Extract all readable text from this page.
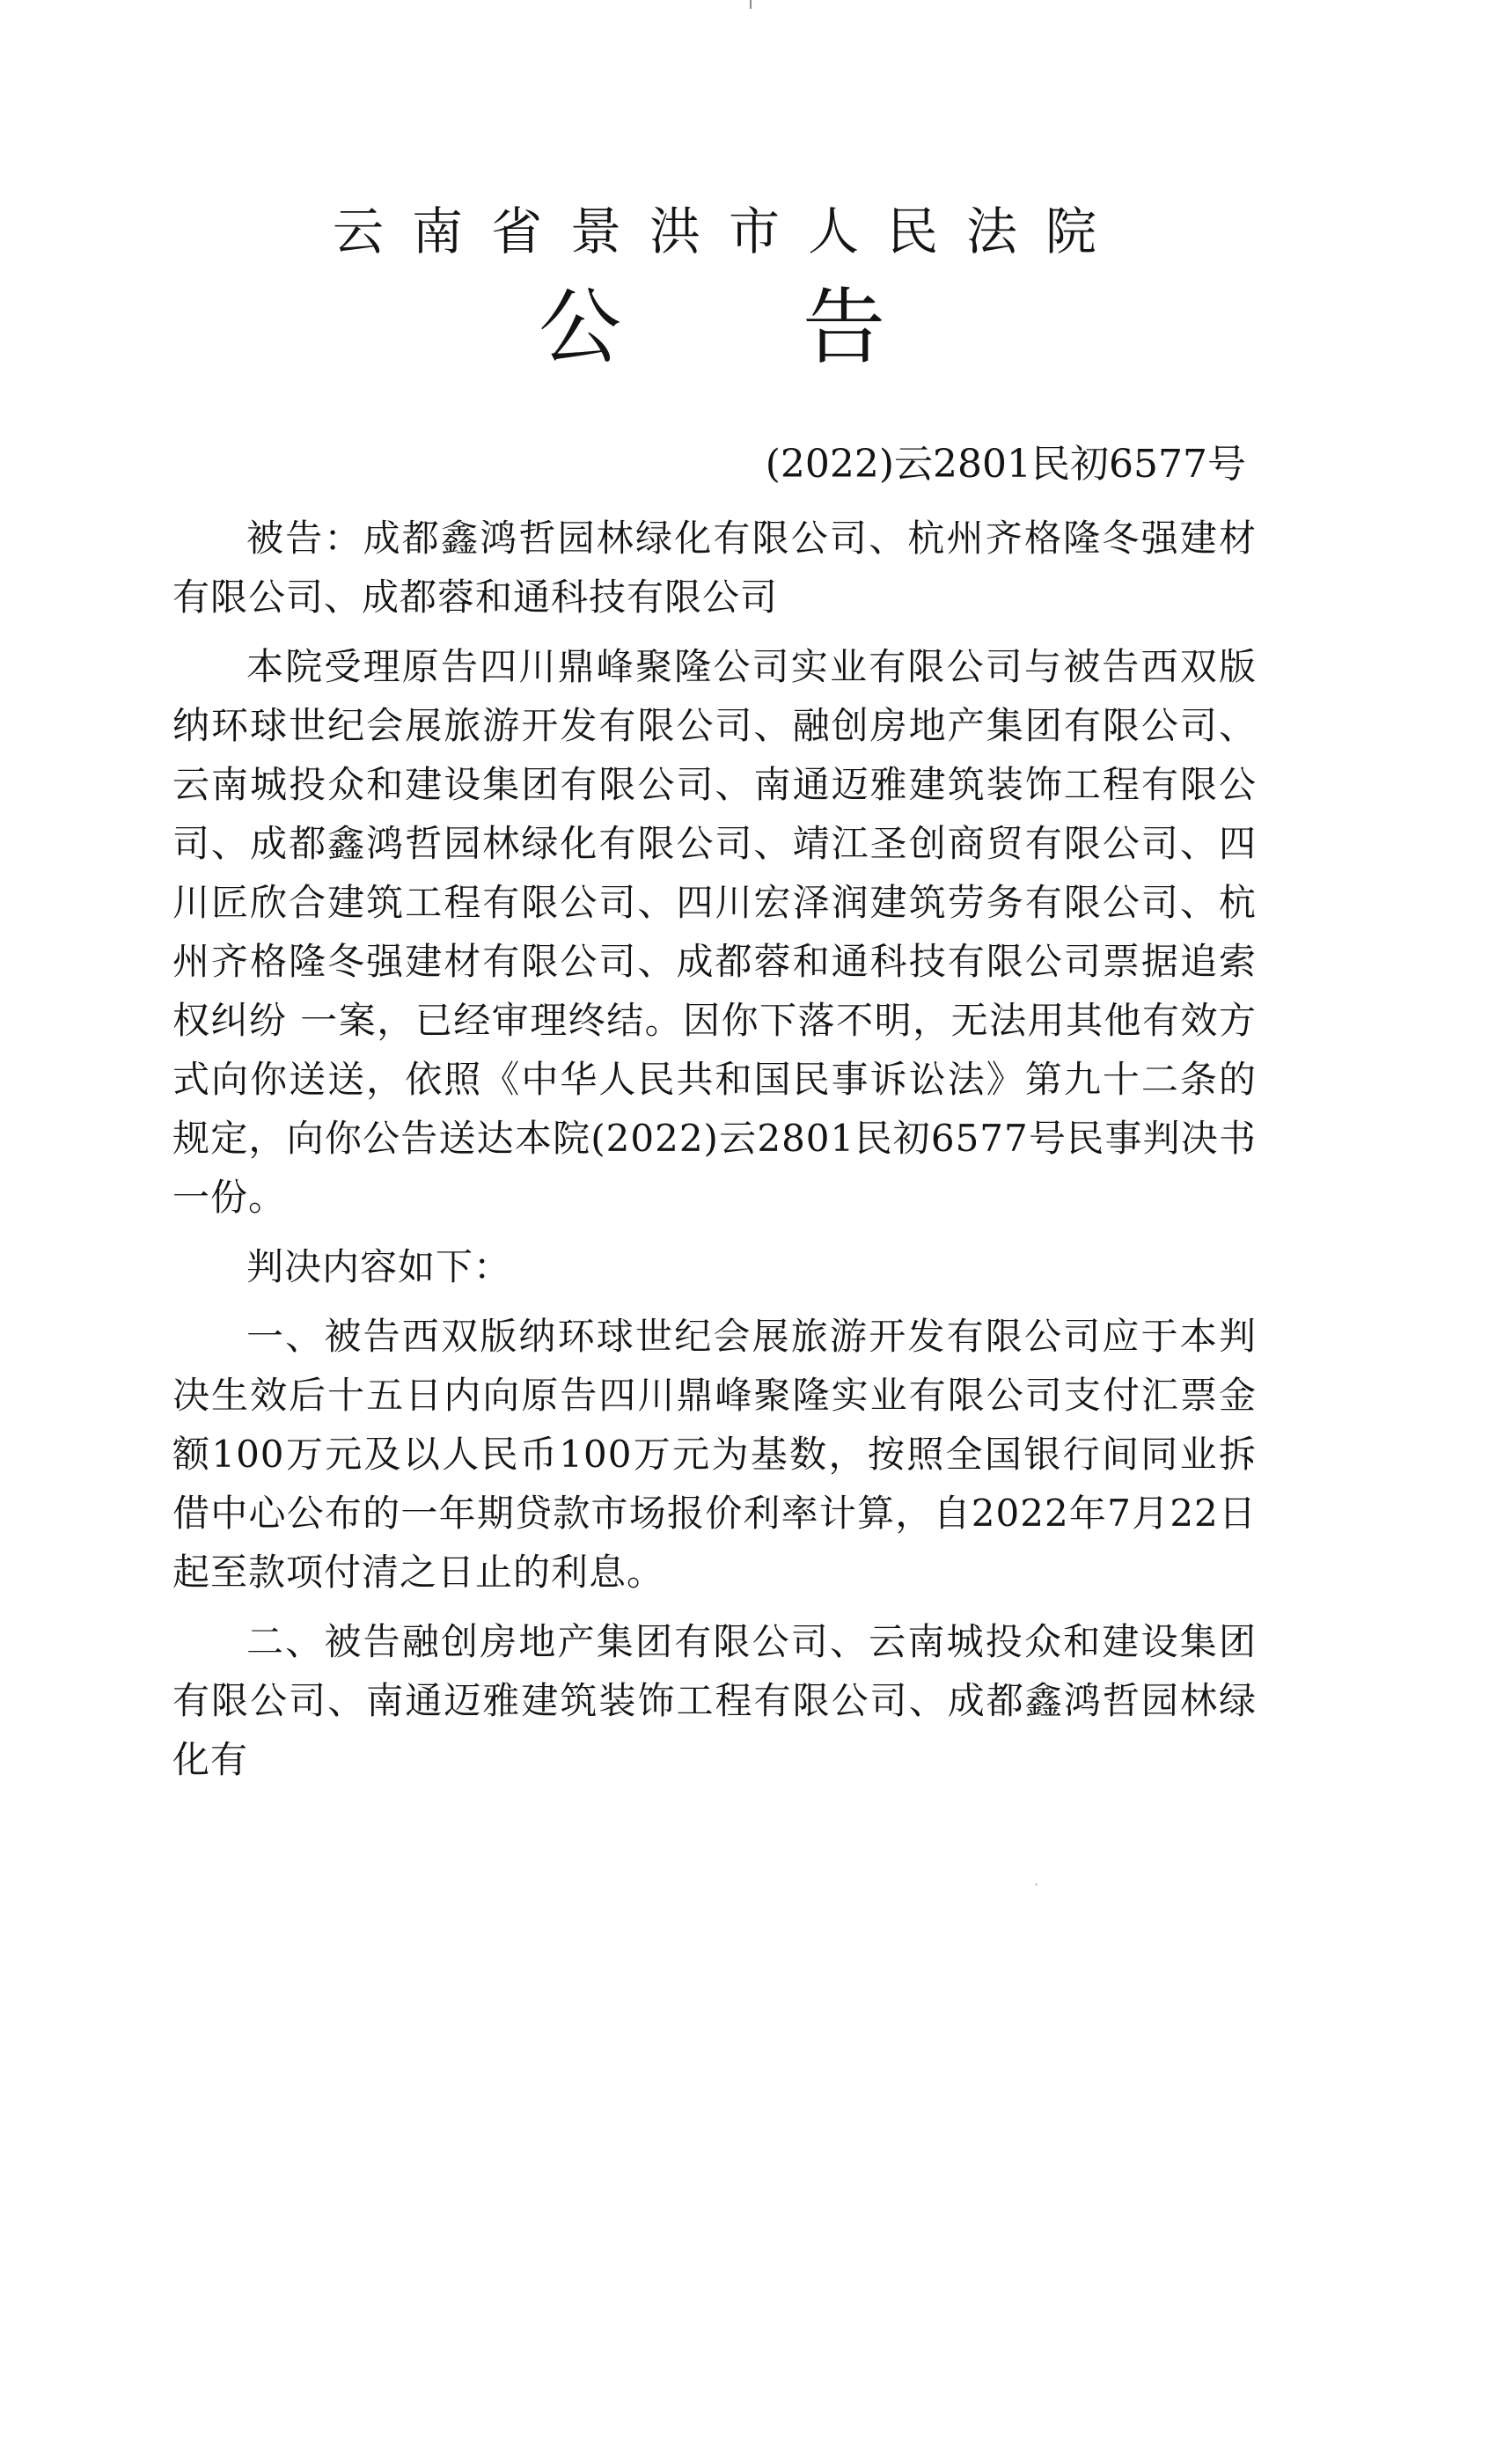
云南省景洪市人民法院
公告
(2022)云2801民初6577号

被告：成都鑫鸿哲园林绿化有限公司、杭州齐格隆冬强建材有限公司、成都蓉和通科技有限公司

本院受理原告四川鼎峰聚隆公司实业有限公司与被告西双版纳环球世纪会展旅游开发有限公司、融创房地产集团有限公司、云南城投众和建设集团有限公司、南通迈雅建筑装饰工程有限公司、成都鑫鸿哲园林绿化有限公司、靖江圣创商贸有限公司、四川匠欣合建筑工程有限公司、四川宏泽润建筑劳务有限公司、杭州齐格隆冬强建材有限公司、成都蓉和通科技有限公司票据追索权纠纷 一案，已经审理终结。因你下落不明，无法用其他有效方式向你送送，依照《中华人民共和国民事诉讼法》第九十二条的规定，向你公告送达本院(2022)云2801民初6577号民事判决书一份。

判决内容如下：

一、被告西双版纳环球世纪会展旅游开发有限公司应于本判决生效后十五日内向原告四川鼎峰聚隆实业有限公司支付汇票金额100万元及以人民币100万元为基数，按照全国银行间同业拆借中心公布的一年期贷款市场报价利率计算，自2022年7月22日起至款项付清之日止的利息。

二、被告融创房地产集团有限公司、云南城投众和建设集团有限公司、南通迈雅建筑装饰工程有限公司、成都鑫鸿哲园林绿化有
